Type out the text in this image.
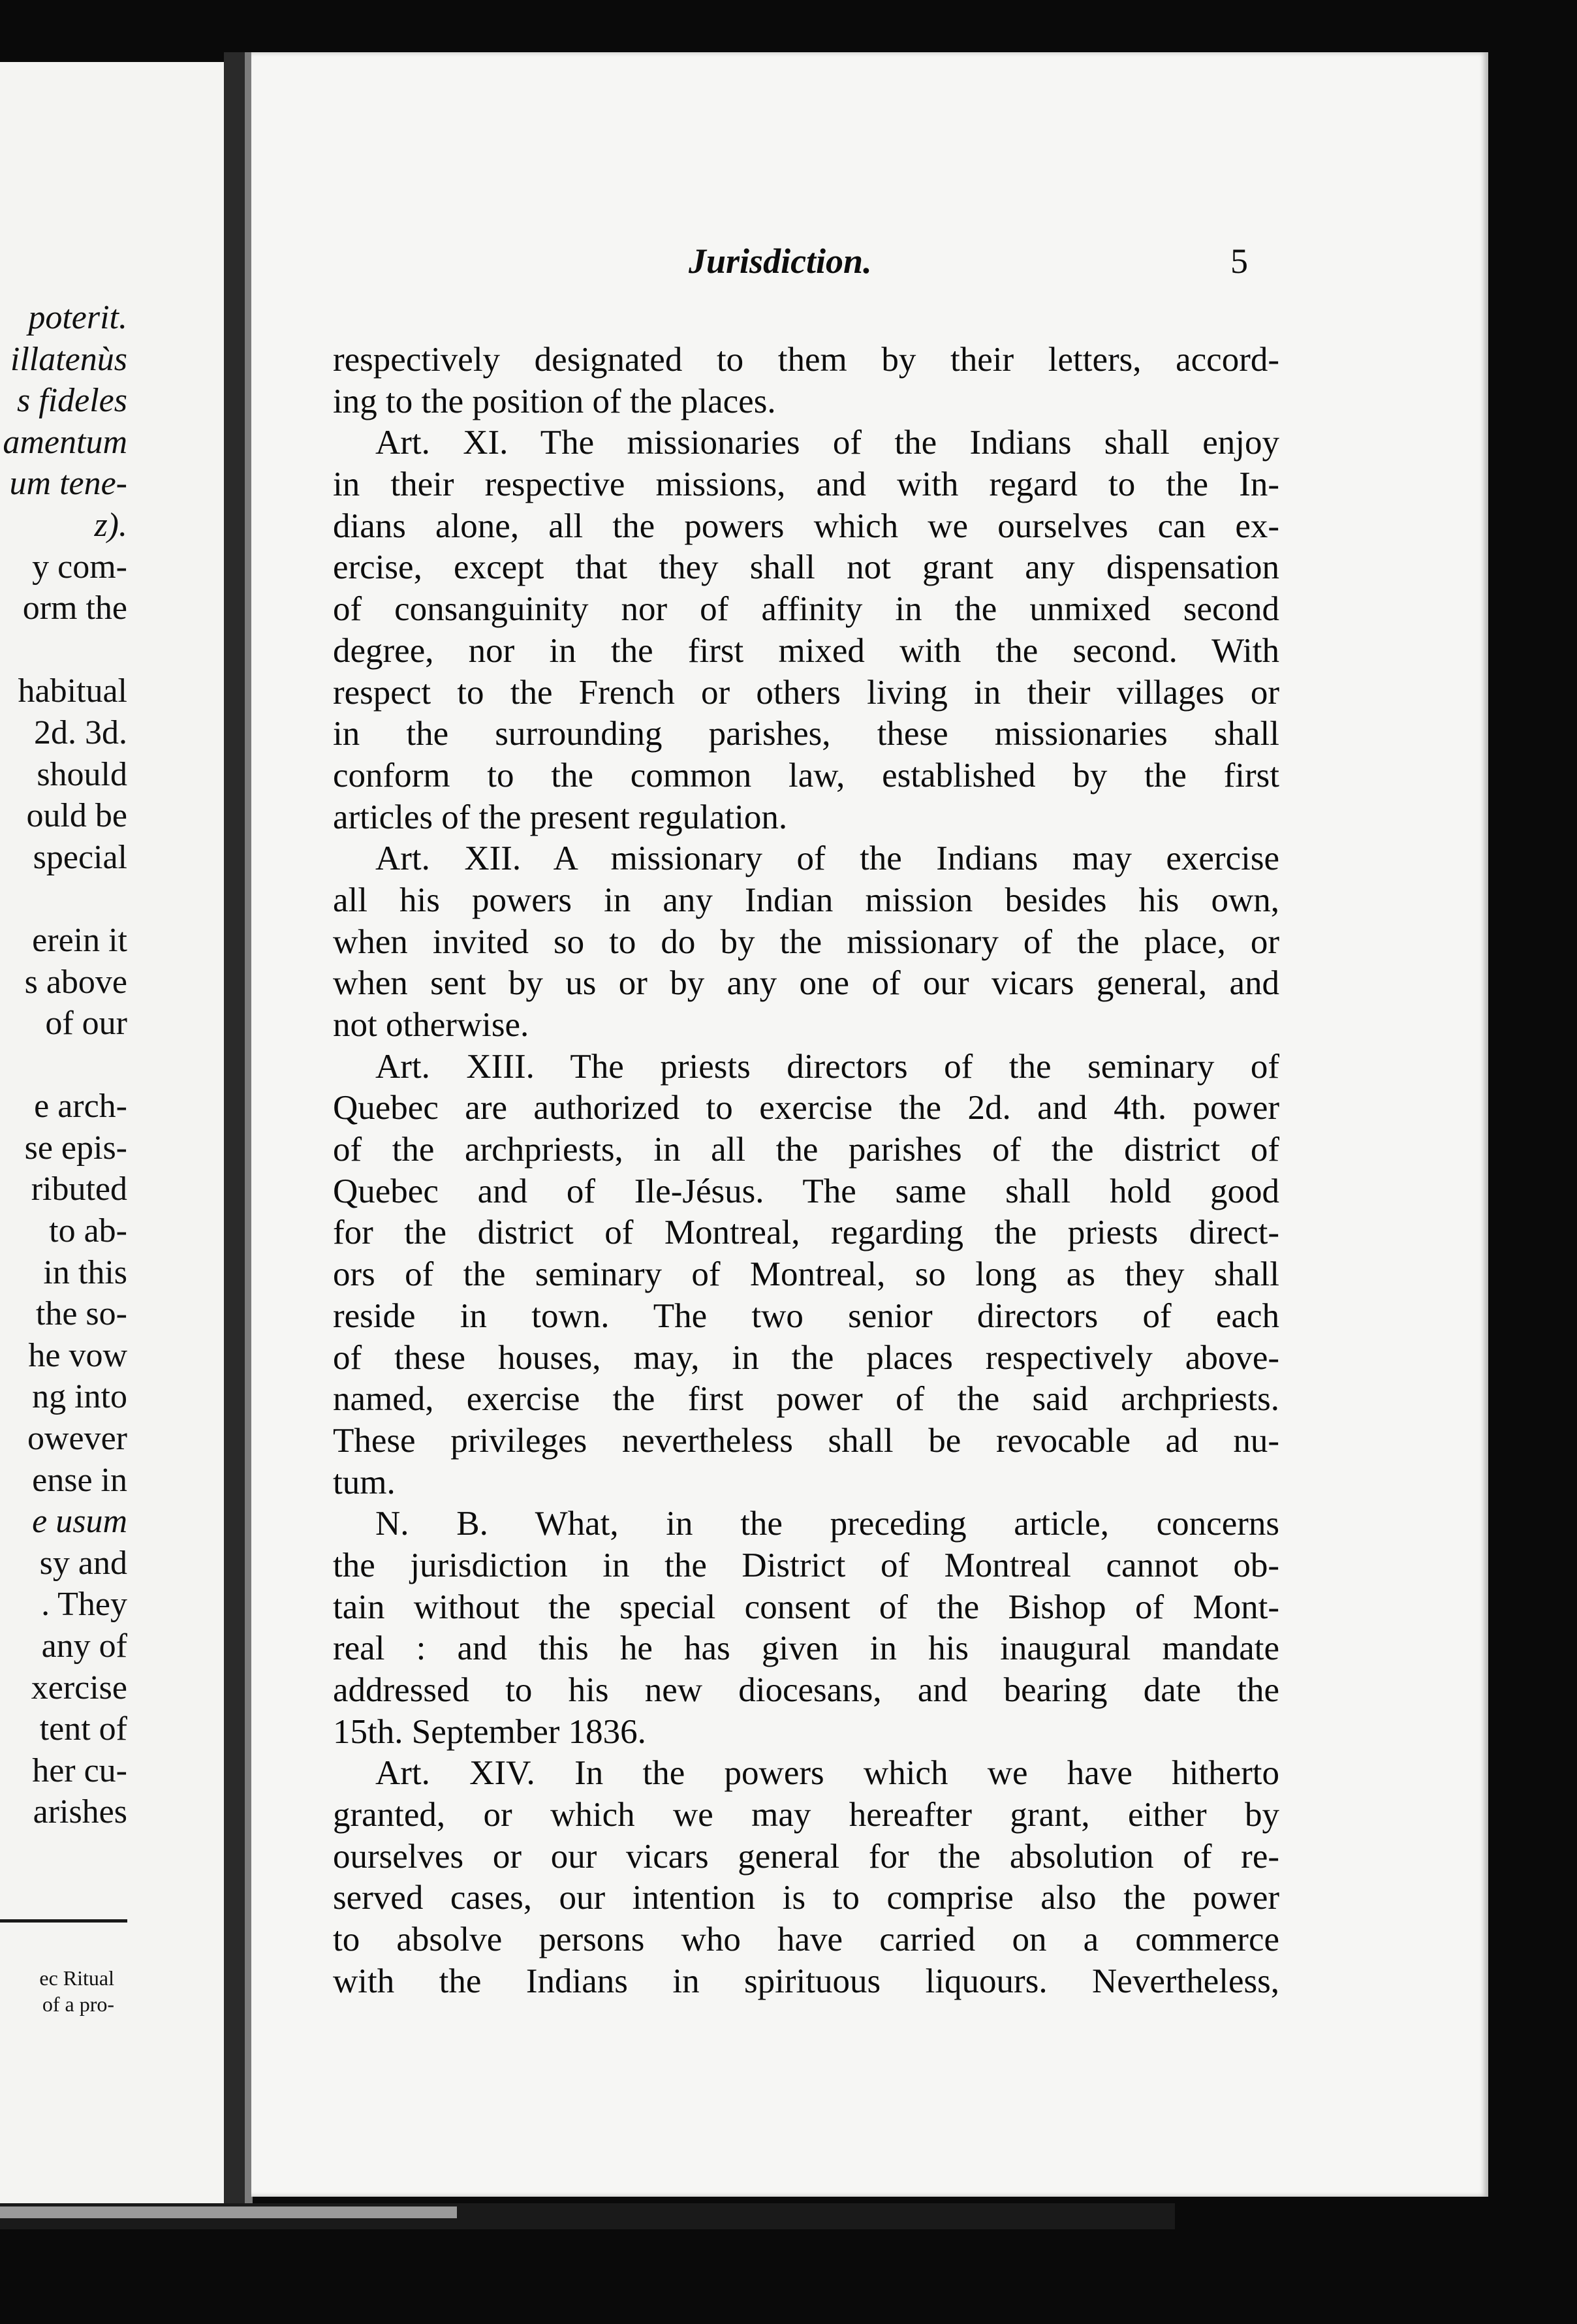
poterit.
illatenùs
s fideles
amentum
um tene-
z).
y com-
orm the
habitual
2d. 3d.
should
ould be
special
erein it
s above
of our
e arch-
se epis-
ributed
to ab-
in this
the so-
he vow
ng into
owever
ense in
e usum
sy and
. They
any of
xercise
tent of
her cu-
arishes
ec Ritual
of a pro-
Jurisdiction.	5
respectively designated to them by their letters, accord-
ing to the position of the places.
Art. XI. The missionaries of the Indians shall enjoy
in their respective missions, and with regard to the In-
dians alone, all the powers which we ourselves can ex-
ercise, except that they shall not grant any dispensation
of consanguinity nor of affinity in the unmixed second
degree, nor in the first mixed with the second. With
respect to the French or others living in their villages or
in the surrounding parishes, these missionaries shall
conform to the common law, established by the first
articles of the present regulation.
Art. XII. A missionary of the Indians may exercise
all his powers in any Indian mission besides his own,
when invited so to do by the missionary of the place, or
when sent by us or by any one of our vicars general, and
not otherwise.
Art. XIII. The priests directors of the seminary of
Quebec are authorized to exercise the 2d. and 4th. power
of the archpriests, in all the parishes of the district of
Quebec and of Ile-Jésus. The same shall hold good
for the district of Montreal, regarding the priests direct-
ors of the seminary of Montreal, so long as they shall
reside in town. The two senior directors of each
of these houses, may, in the places respectively above-
named, exercise the first power of the said archpriests.
These privileges nevertheless shall be revocable ad nu-
tum.
N. B. What, in the preceding article, concerns
the jurisdiction in the District of Montreal cannot ob-
tain without the special consent of the Bishop of Mont-
real : and this he has given in his inaugural mandate
addressed to his new diocesans, and bearing date the
15th. September 1836.
Art. XIV. In the powers which we have hitherto
granted, or which we may hereafter grant, either by
ourselves or our vicars general for the absolution of re-
served cases, our intention is to comprise also the power
to absolve persons who have carried on a commerce
with the Indians in spirituous liquours. Nevertheless,
